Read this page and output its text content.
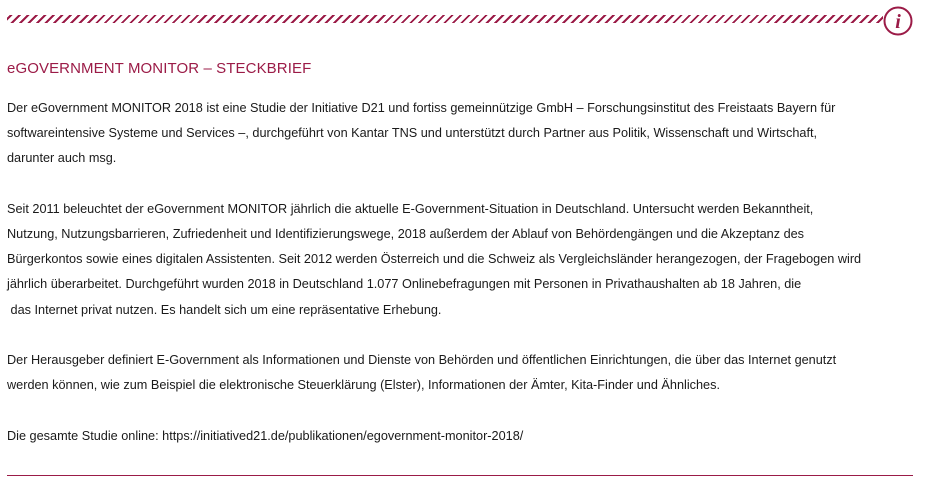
i
eGOVERNMENT MONITOR – STECKBRIEF

Der eGovernment MONITOR 2018 ist eine Studie der Initiative D21 und fortiss gemeinnützige GmbH – Forschungsinstitut des Freistaats Bayern für
softwareintensive Systeme und Services –, durchgeführt von Kantar TNS und unterstützt durch Partner aus Politik, Wissenschaft und Wirtschaft,
darunter auch msg.

Seit 2011 beleuchtet der eGovernment MONITOR jährlich die aktuelle E-Government-Situation in Deutschland. Untersucht werden Bekanntheit,
Nutzung, Nutzungsbarrieren, Zufriedenheit und Identifizierungswege, 2018 außerdem der Ablauf von Behördengängen und die Akzeptanz des
Bürgerkontos sowie eines digitalen Assistenten. Seit 2012 werden Österreich und die Schweiz als Vergleichsländer herangezogen, der Fragebogen wird
jährlich überarbeitet. Durchgeführt wurden 2018 in Deutschland 1.077 Onlinebefragungen mit Personen in Privathaushalten ab 18 Jahren, die
das Internet privat nutzen. Es handelt sich um eine repräsentative Erhebung.

Der Herausgeber definiert E-Government als Informationen und Dienste von Behörden und öffentlichen Einrichtungen, die über das Internet genutzt
werden können, wie zum Beispiel die elektronische Steuerklärung (Elster), Informationen der Ämter, Kita-Finder und Ähnliches.

Die gesamte Studie online: https://initiatived21.de/publikationen/egovernment-monitor-2018/
